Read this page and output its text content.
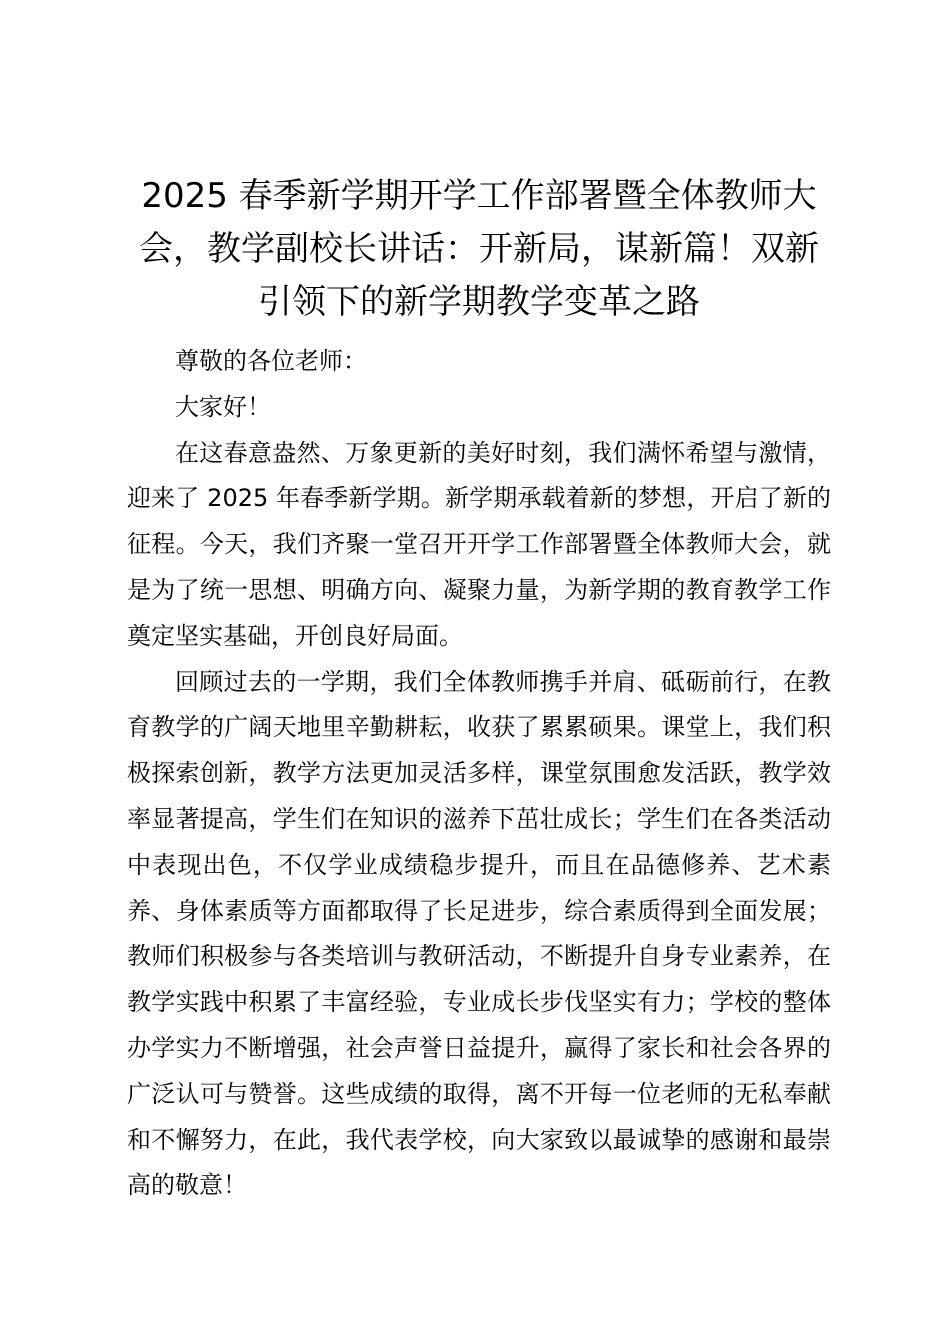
2025 春季新学期开学工作部署暨全体教师大会，教学副校长讲话：开新局，谋新篇！双新引领下的新学期教学变革之路

尊敬的各位老师：

大家好！

在这春意盎然、万象更新的美好时刻，我们满怀希望与激情，迎来了 2025 年春季新学期。新学期承载着新的梦想，开启了新的征程。今天，我们齐聚一堂召开开学工作部署暨全体教师大会，就是为了统一思想、明确方向、凝聚力量，为新学期的教育教学工作奠定坚实基础，开创良好局面。

回顾过去的一学期，我们全体教师携手并肩、砥砺前行，在教育教学的广阔天地里辛勤耕耘，收获了累累硕果。课堂上，我们积极探索创新，教学方法更加灵活多样，课堂氛围愈发活跃，教学效率显著提高，学生们在知识的滋养下茁壮成长；学生们在各类活动中表现出色，不仅学业成绩稳步提升，而且在品德修养、艺术素养、身体素质等方面都取得了长足进步，综合素质得到全面发展；教师们积极参与各类培训与教研活动，不断提升自身专业素养，在教学实践中积累了丰富经验，专业成长步伐坚实有力；学校的整体办学实力不断增强，社会声誉日益提升，赢得了家长和社会各界的广泛认可与赞誉。这些成绩的取得，离不开每一位老师的无私奉献和不懈努力，在此，我代表学校，向大家致以最诚挚的感谢和最崇高的敬意！
